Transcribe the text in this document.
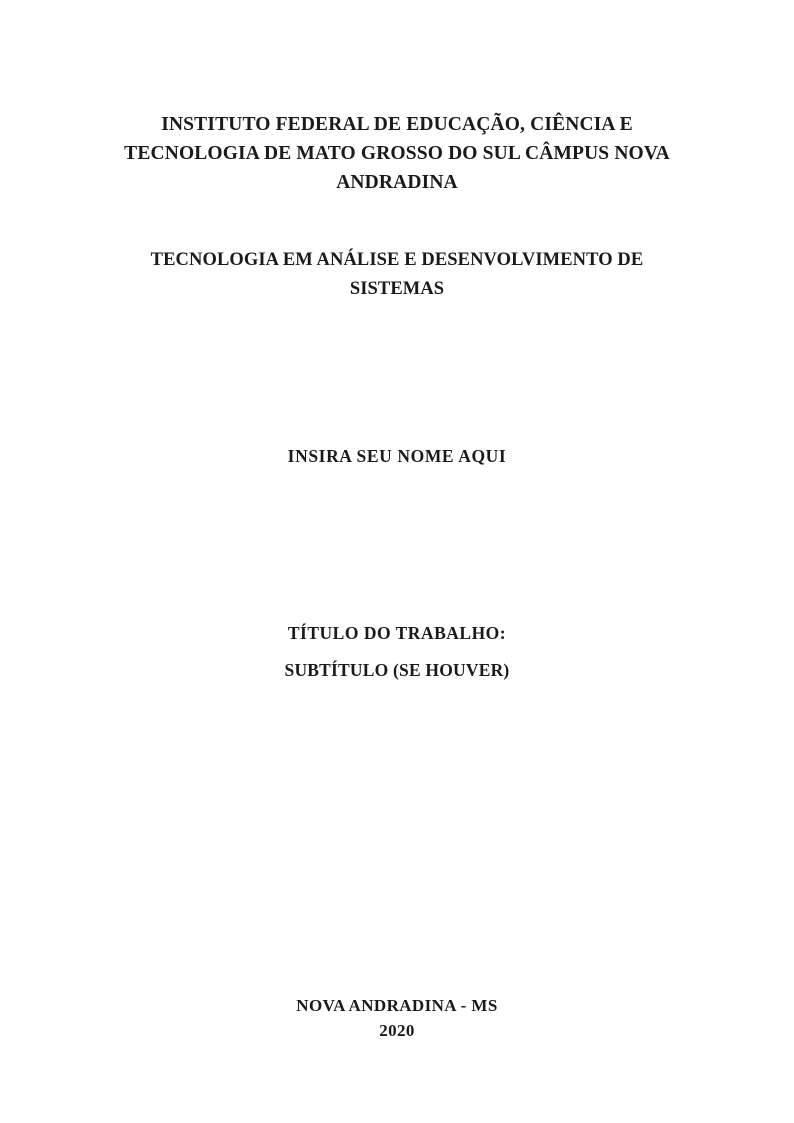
INSTITUTO FEDERAL DE EDUCAÇÃO, CIÊNCIA E
TECNOLOGIA DE MATO GROSSO DO SUL CÂMPUS NOVA
ANDRADINA
TECNOLOGIA EM ANÁLISE E DESENVOLVIMENTO DE
SISTEMAS
INSIRA SEU NOME AQUI
TÍTULO DO TRABALHO:
SUBTÍTULO (SE HOUVER)
NOVA ANDRADINA - MS
2020
